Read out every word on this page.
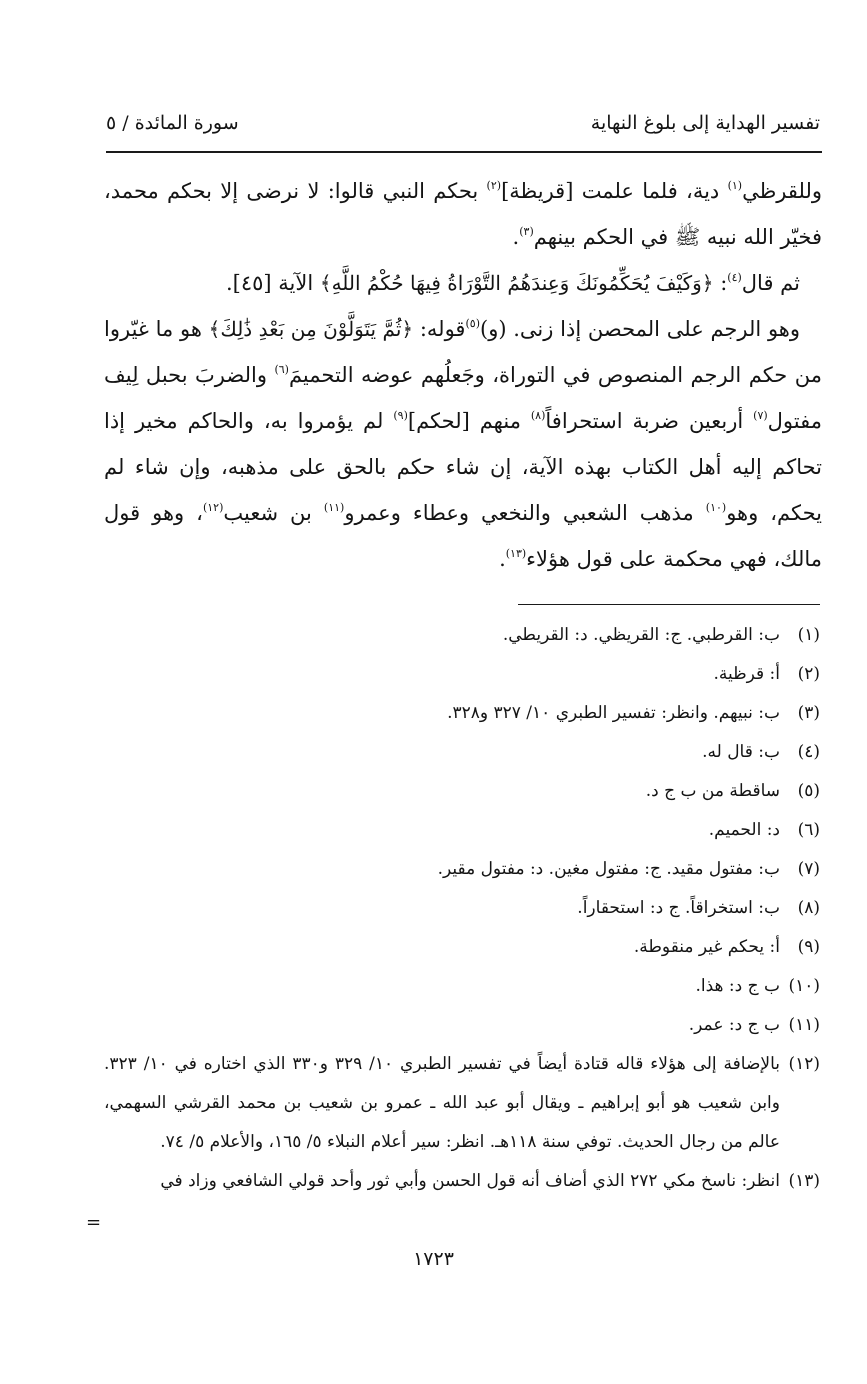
تفسير الهداية إلى بلوغ النهاية
سورة المائدة / ٥

وللقرظي$^{(١)}$ دية، فلما علمت [قريظة]$^{(٢)}$ بحكم النبي قالوا: لا نرضى إلا بحكم محمد، فخيّر الله نبيه ﷺ في الحكم بينهم$^{(٣)}$.

ثم قال$^{(٤)}$: ﴿وَكَيْفَ يُحَكِّمُونَكَ وَعِندَهُمُ التَّوْرَاةُ فِيهَا حُكْمُ اللَّهِ﴾ الآية [٤٥].

وهو الرجم على المحصن إذا زنى. (و)$^{(٥)}$قوله: ﴿ثُمَّ يَتَوَلَّوْنَ مِن بَعْدِ ذَٰلِكَ﴾ هو ما غيّروا من حكم الرجم المنصوص في التوراة، وجَعلُهم عوضه التحميمَ$^{(٦)}$ والضربَ بحبل لِيف مفتول$^{(٧)}$ أربعين ضربة استحرافاً$^{(٨)}$ منهم [لحكم]$^{(٩)}$ لم يؤمروا به، والحاكم مخير إذا تحاكم إليه أهل الكتاب بهذه الآية، إن شاء حكم بالحق على مذهبه، وإن شاء لم يحكم، وهو$^{(١٠)}$ مذهب الشعبي والنخعي وعطاء وعمرو$^{(١١)}$ بن شعيب$^{(١٢)}$، وهو قول مالك، فهي محكمة على قول هؤلاء$^{(١٣)}$.

(١)
ب: القرطبي. ج: القريظي. د: القريطي.
(٢)
أ: قرظية.
(٣)
ب: نبيهم. وانظر: تفسير الطبري ١٠/ ٣٢٧ و٣٢٨.
(٤)
ب: قال له.
(٥)
ساقطة من ب ج د.
(٦)
د: الحميم.
(٧)
ب: مفتول مقيد. ج: مفتول مغين. د: مفتول مقير.
(٨)
ب: استخراقاً. ج د: استحقاراً.
(٩)
أ: يحكم غير منقوطة.
(١٠)
ب ج د: هذا.
(١١)
ب ج د: عمر.
(١٢)
بالإضافة إلى هؤلاء قاله قتادة أيضاً في تفسير الطبري ١٠/ ٣٢٩ و٣٣٠ الذي اختاره في ١٠/ ٣٢٣. وابن شعيب هو أبو إبراهيم ـ ويقال أبو عبد الله ـ عمرو بن شعيب بن محمد القرشي السهمي، عالم من رجال الحديث. توفي سنة ١١٨هـ. انظر: سير أعلام النبلاء ٥/ ١٦٥، والأعلام ٥/ ٧٤.
(١٣)
انظر: ناسخ مكي ٢٧٢ الذي أضاف أنه قول الحسن وأبي ثور وأحد قولي الشافعي وزاد في
=
١٧٢٣
